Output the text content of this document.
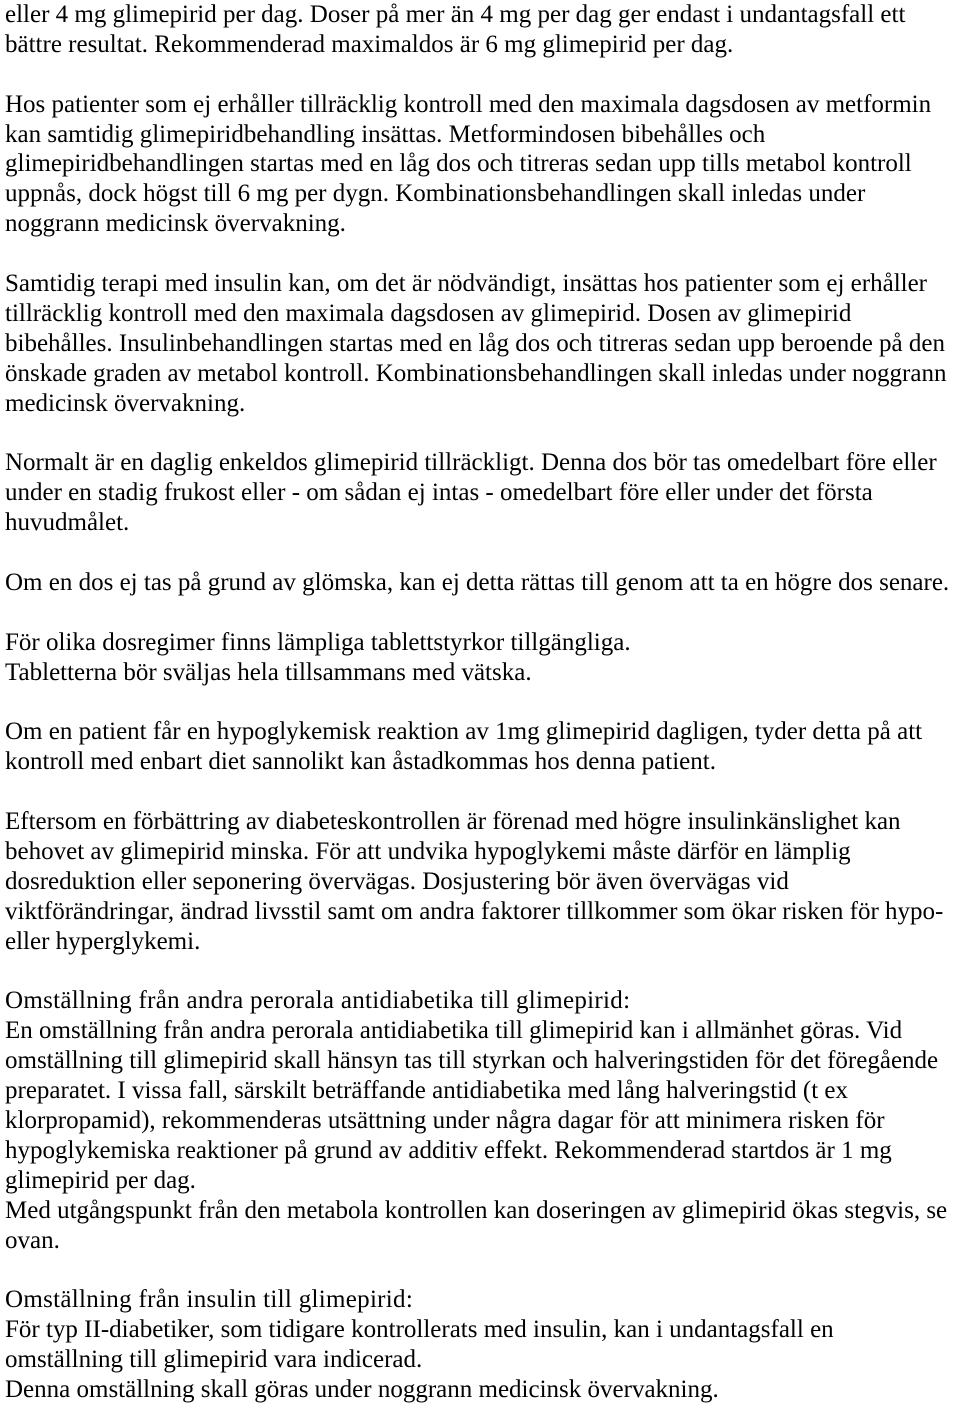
eller 4 mg glimepirid per dag. Doser på mer än 4 mg per dag ger endast i undantagsfall ett
bättre resultat. Rekommenderad maximaldos är 6 mg glimepirid per dag.
Hos patienter som ej erhåller tillräcklig kontroll med den maximala dagsdosen av metformin
kan samtidig glimepiridbehandling insättas. Metformindosen bibehålles och
glimepiridbehandlingen startas med en låg dos och titreras sedan upp tills metabol kontroll
uppnås, dock högst till 6 mg per dygn. Kombinationsbehandlingen skall inledas under
noggrann medicinsk övervakning.
Samtidig terapi med insulin kan, om det är nödvändigt, insättas hos patienter som ej erhåller
tillräcklig kontroll med den maximala dagsdosen av glimepirid. Dosen av glimepirid
bibehålles. Insulinbehandlingen startas med en låg dos och titreras sedan upp beroende på den
önskade graden av metabol kontroll. Kombinationsbehandlingen skall inledas under noggrann
medicinsk övervakning.
Normalt är en daglig enkeldos glimepirid tillräckligt. Denna dos bör tas omedelbart före eller
under en stadig frukost eller - om sådan ej intas - omedelbart före eller under det första
huvudmålet.
Om en dos ej tas på grund av glömska, kan ej detta rättas till genom att ta en högre dos senare.
För olika dosregimer finns lämpliga tablettstyrkor tillgängliga.
Tabletterna bör sväljas hela tillsammans med vätska.
Om en patient får en hypoglykemisk reaktion av 1mg glimepirid dagligen, tyder detta på att
kontroll med enbart diet sannolikt kan åstadkommas hos denna patient.
Eftersom en förbättring av diabeteskontrollen är förenad med högre insulinkänslighet kan
behovet av glimepirid minska. För att undvika hypoglykemi måste därför en lämplig
dosreduktion eller seponering övervägas. Dosjustering bör även övervägas vid
viktförändringar, ändrad livsstil samt om andra faktorer tillkommer som ökar risken för hypo-
eller hyperglykemi.
Omställning från andra perorala antidiabetika till glimepirid:
En omställning från andra perorala antidiabetika till glimepirid kan i allmänhet göras. Vid
omställning till glimepirid skall hänsyn tas till styrkan och halveringstiden för det föregående
preparatet. I vissa fall, särskilt beträffande antidiabetika med lång halveringstid (t ex
klorpropamid), rekommenderas utsättning under några dagar för att minimera risken för
hypoglykemiska reaktioner på grund av additiv effekt. Rekommenderad startdos är 1 mg
glimepirid per dag.
Med utgångspunkt från den metabola kontrollen kan doseringen av glimepirid ökas stegvis, se
ovan.
Omställning från insulin till glimepirid:
För typ II-diabetiker, som tidigare kontrollerats med insulin, kan i undantagsfall en
omställning till glimepirid vara indicerad.
Denna omställning skall göras under noggrann medicinsk övervakning.
